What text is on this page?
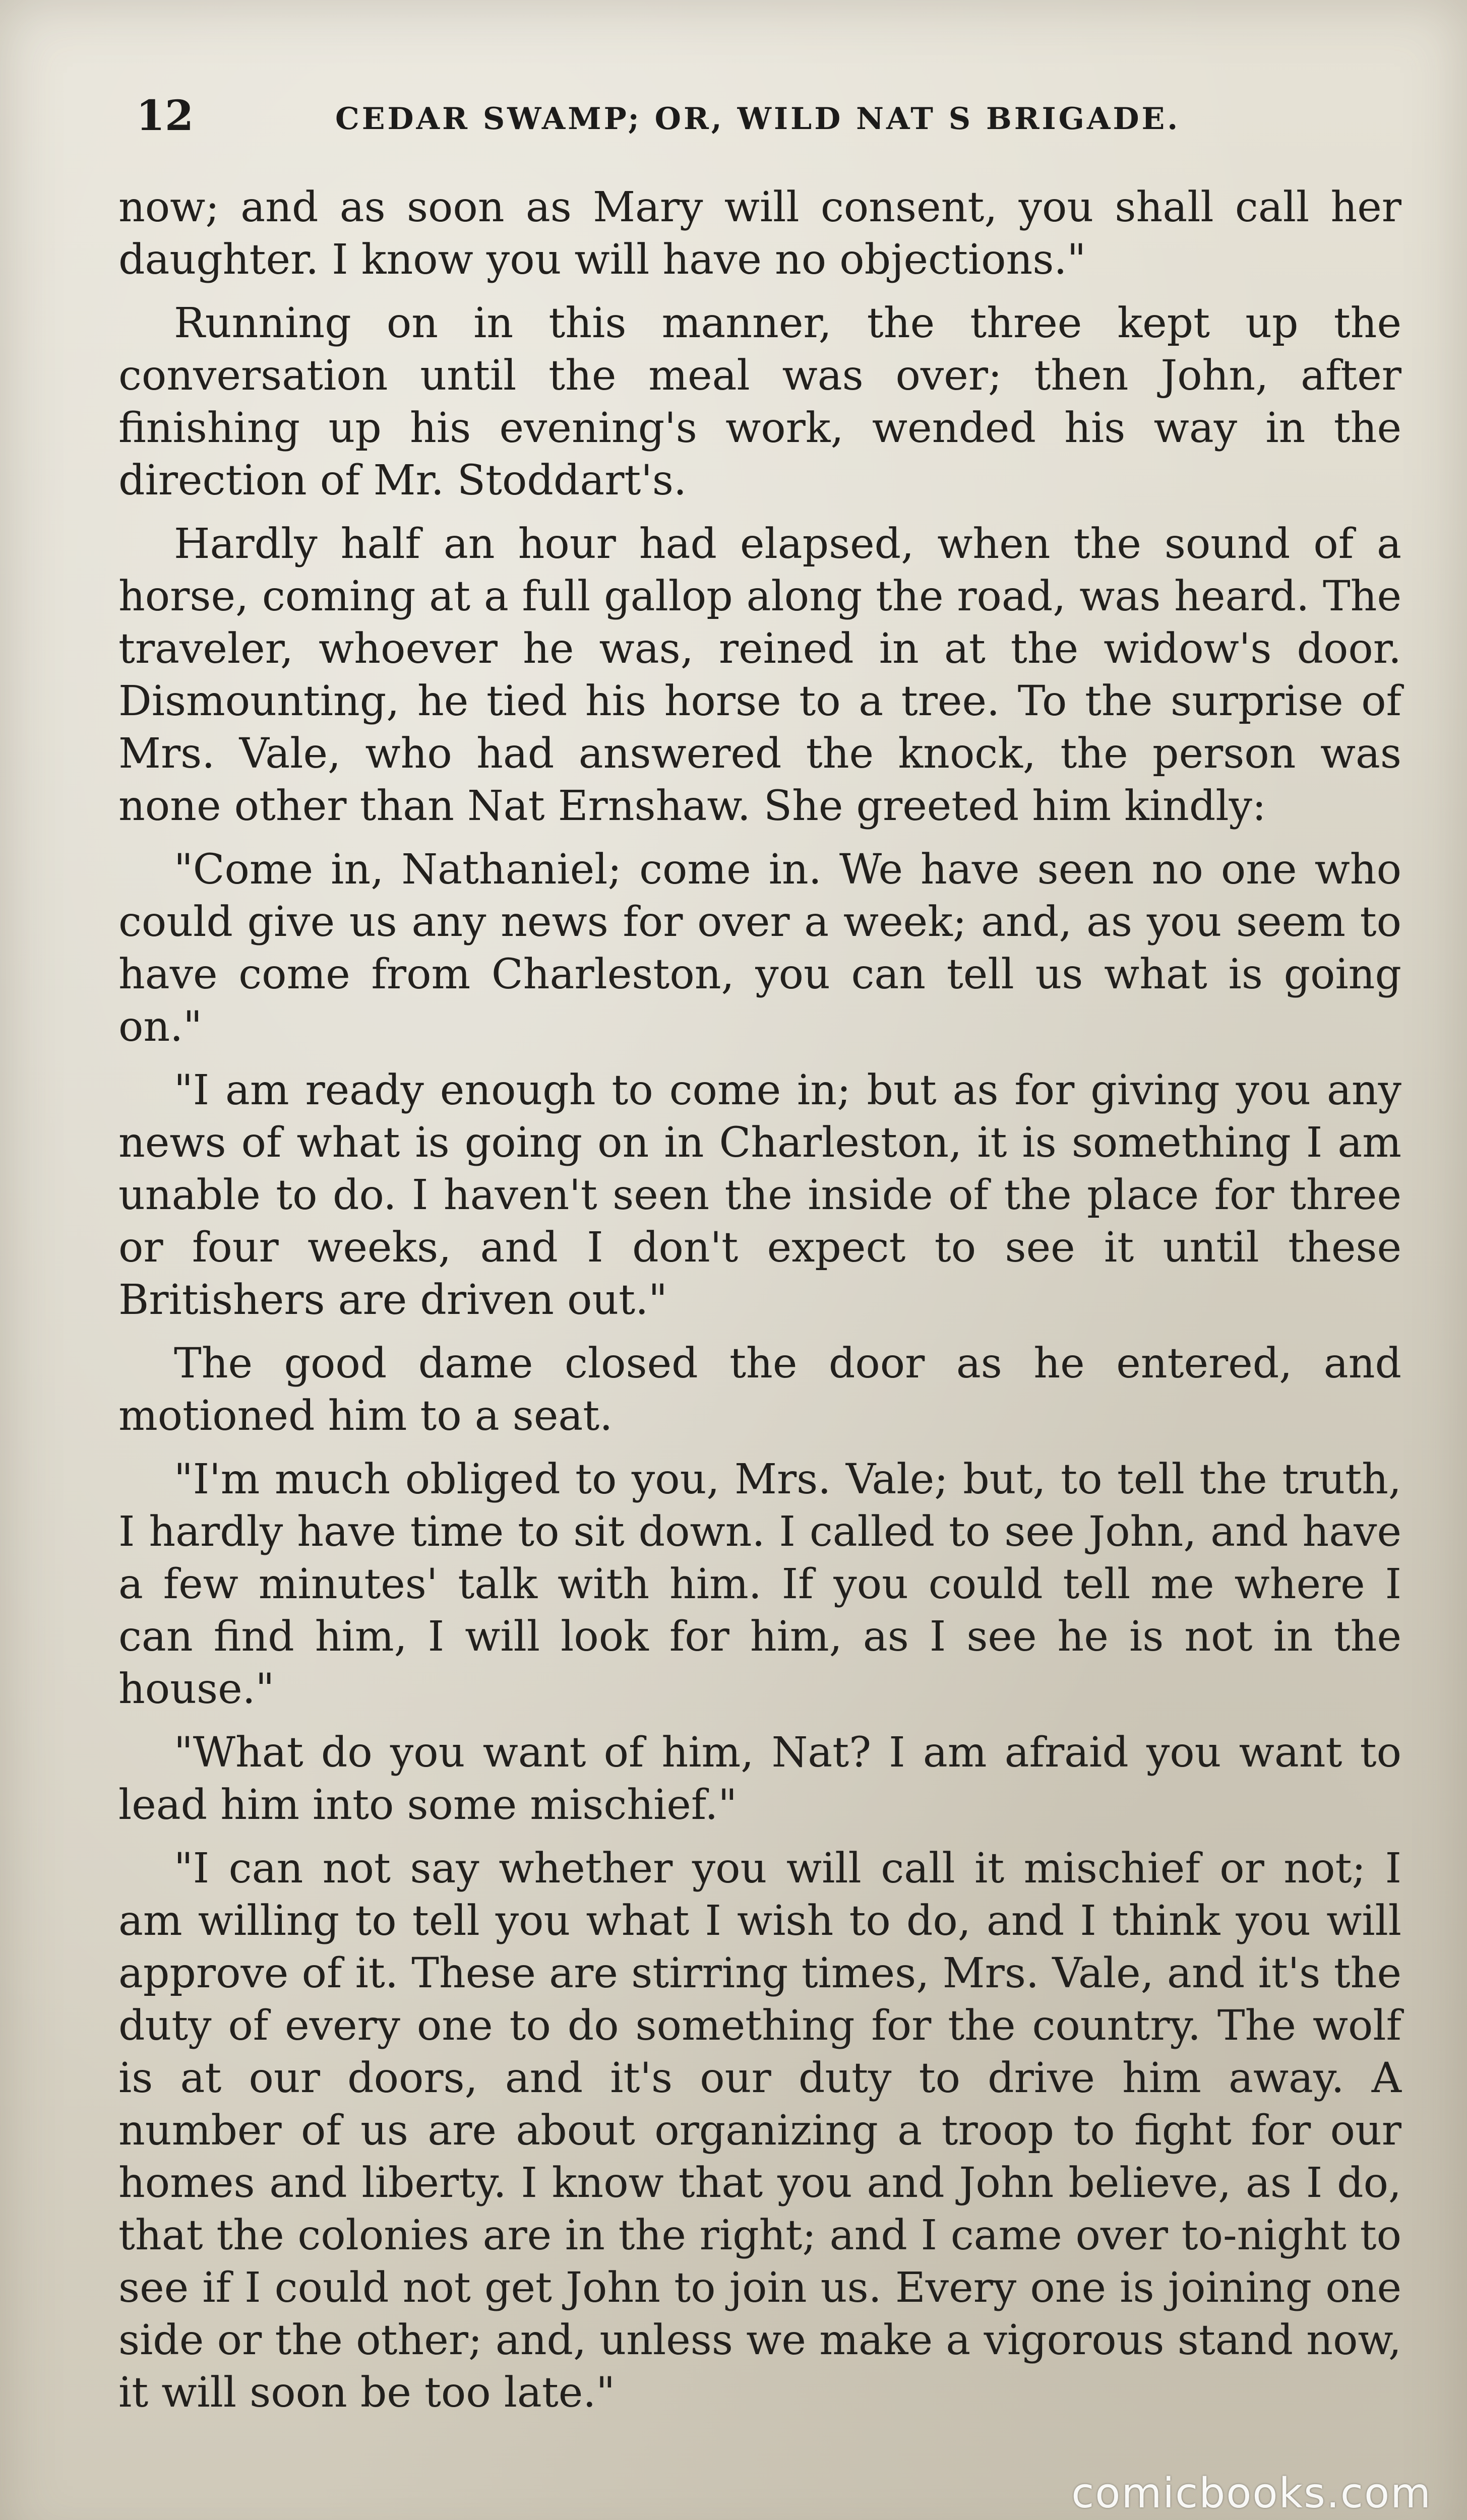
12	CEDAR SWAMP; OR, WILD NAT S BRIGADE.

now; and as soon as Mary will consent, you shall call her daughter. I know you will have no objections."

Running on in this manner, the three kept up the conversation until the meal was over; then John, after finishing up his evening's work, wended his way in the direction of Mr. Stoddart's.

Hardly half an hour had elapsed, when the sound of a horse, coming at a full gallop along the road, was heard. The traveler, whoever he was, reined in at the widow's door. Dismounting, he tied his horse to a tree. To the surprise of Mrs. Vale, who had answered the knock, the person was none other than Nat Ernshaw. She greeted him kindly:

"Come in, Nathaniel; come in. We have seen no one who could give us any news for over a week; and, as you seem to have come from Charleston, you can tell us what is going on."

"I am ready enough to come in; but as for giving you any news of what is going on in Charleston, it is something I am unable to do. I haven't seen the inside of the place for three or four weeks, and I don't expect to see it until these Britishers are driven out."

The good dame closed the door as he entered, and motioned him to a seat.

"I'm much obliged to you, Mrs. Vale; but, to tell the truth, I hardly have time to sit down. I called to see John, and have a few minutes' talk with him. If you could tell me where I can find him, I will look for him, as I see he is not in the house."

"What do you want of him, Nat? I am afraid you want to lead him into some mischief."

"I can not say whether you will call it mischief or not; I am willing to tell you what I wish to do, and I think you will approve of it. These are stirring times, Mrs. Vale, and it's the duty of every one to do something for the country. The wolf is at our doors, and it's our duty to drive him away. A number of us are about organizing a troop to fight for our homes and liberty. I know that you and John believe, as I do, that the colonies are in the right; and I came over to-night to see if I could not get John to join us. Every one is joining one side or the other; and, unless we make a vigorous stand now, it will soon be too late."

comicbooks.com
